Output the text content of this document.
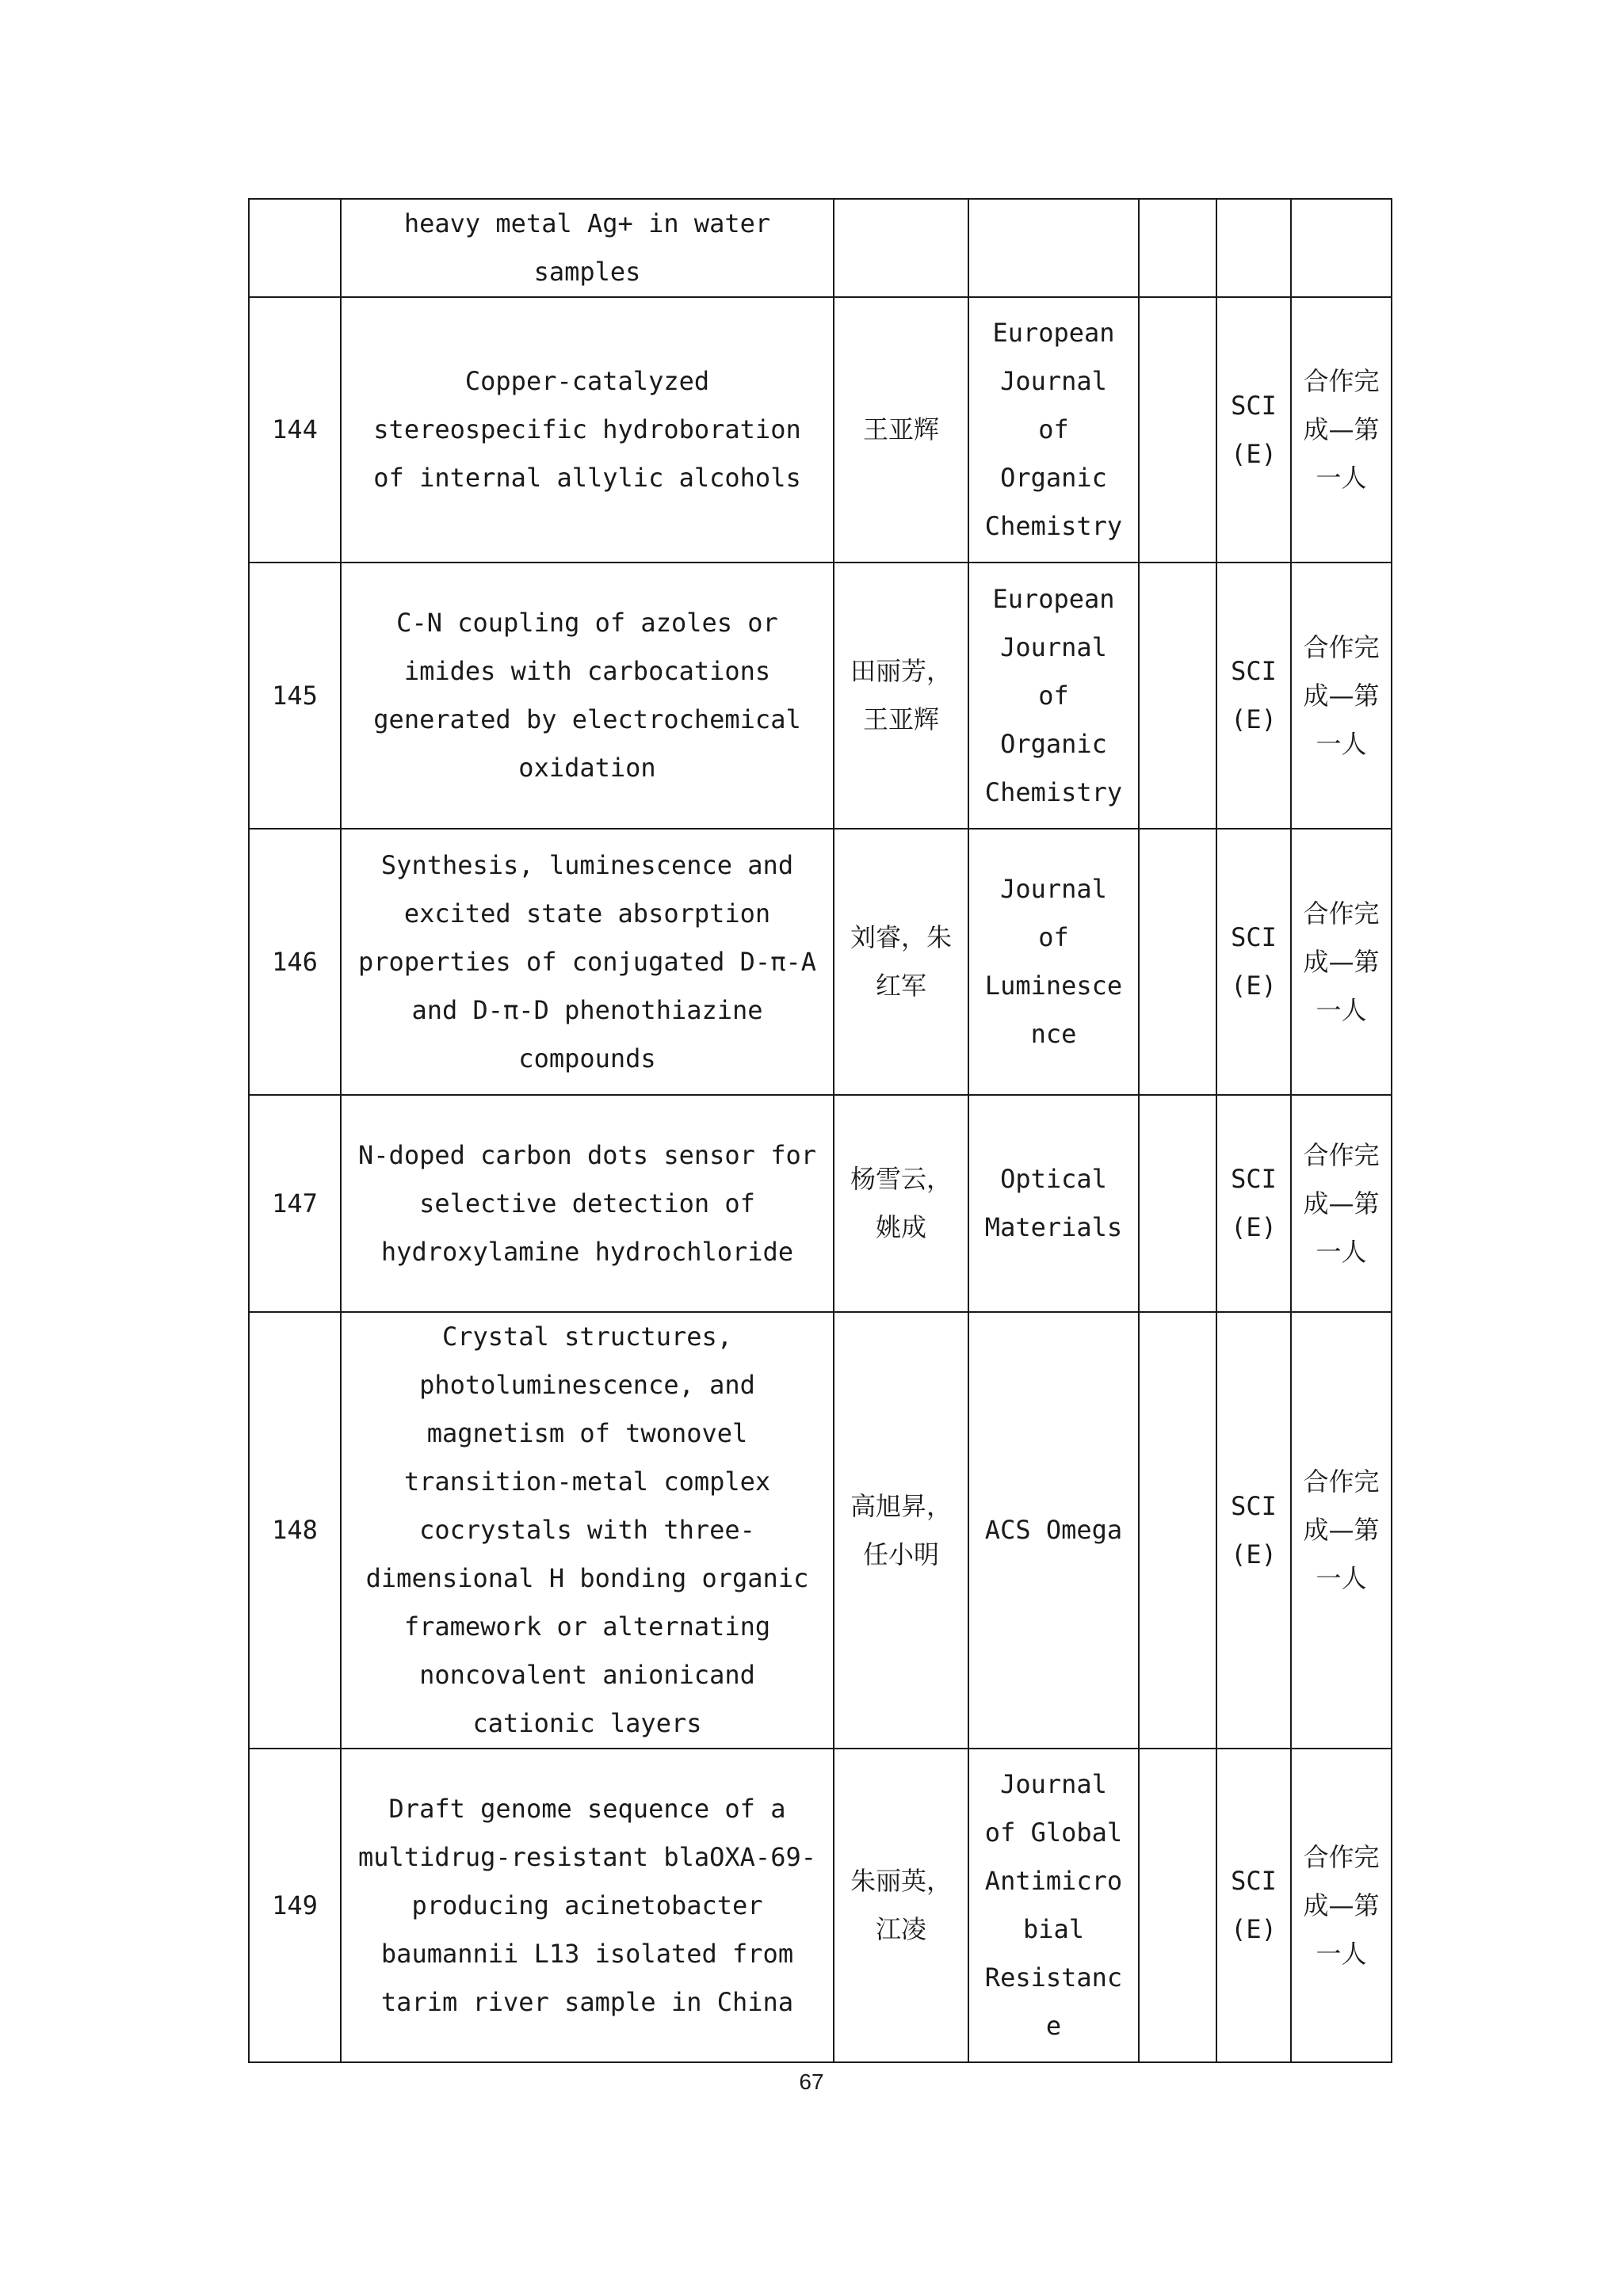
	heavy metal Ag+ in water samples					
144	Copper-catalyzed stereospecific hydroboration of internal allylic alcohols	王亚辉	European Journal of Organic Chemistry		SCI (E)	合作完成—第一人
145	C-N coupling of azoles or imides with carbocations generated by electrochemical oxidation	田丽芳，王亚辉	European Journal of Organic Chemistry		SCI (E)	合作完成—第一人
146	Synthesis, luminescence and excited state absorption properties of conjugated D-π-A and D-π-D phenothiazine compounds	刘睿，朱红军	Journal of Luminescence		SCI (E)	合作完成—第一人
147	N-doped carbon dots sensor for selective detection of hydroxylamine hydrochloride	杨雪云，姚成	Optical Materials		SCI (E)	合作完成—第一人
148	Crystal structures, photoluminescence, and magnetism of twonovel transition-metal complex cocrystals with three-dimensional H bonding organic framework or alternating noncovalent anionicand cationic layers	高旭昇，任小明	ACS Omega		SCI (E)	合作完成—第一人
149	Draft genome sequence of a multidrug-resistant blaOXA-69-producing acinetobacter baumannii L13 isolated from tarim river sample in China	朱丽英，江凌	Journal of Global Antimicrobial Resistance		SCI (E)	合作完成—第一人
67
